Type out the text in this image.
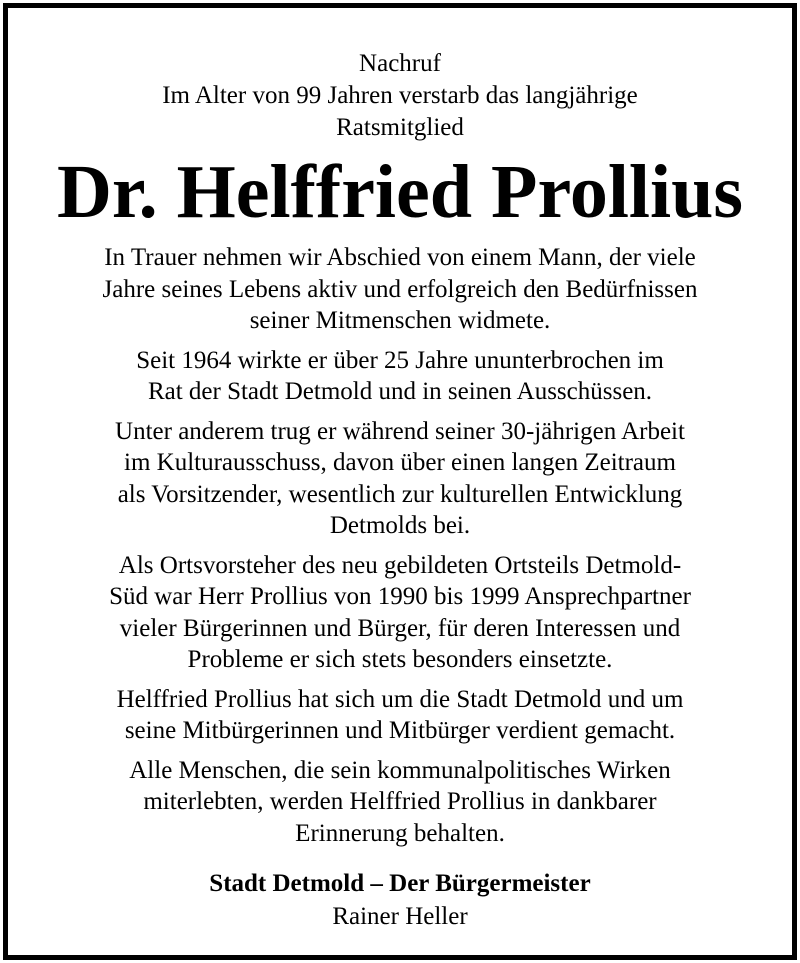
Nachruf

Im Alter von 99 Jahren verstarb das langjährige
Ratsmitglied

Dr. Helffried Prollius

In Trauer nehmen wir Abschied von einem Mann, der viele
Jahre seines Lebens aktiv und erfolgreich den Bedürfnissen
seiner Mitmenschen widmete.

Seit 1964 wirkte er über 25 Jahre ununterbrochen im
Rat der Stadt Detmold und in seinen Ausschüssen.

Unter anderem trug er während seiner 30-jährigen Arbeit
im Kulturausschuss, davon über einen langen Zeitraum
als Vorsitzender, wesentlich zur kulturellen Entwicklung
Detmolds bei.

Als Ortsvorsteher des neu gebildeten Ortsteils Detmold-
Süd war Herr Prollius von 1990 bis 1999 Ansprechpartner
vieler Bürgerinnen und Bürger, für deren Interessen und
Probleme er sich stets besonders einsetzte.

Helffried Prollius hat sich um die Stadt Detmold und um
seine Mitbürgerinnen und Mitbürger verdient gemacht.

Alle Menschen, die sein kommunalpolitisches Wirken
miterlebten, werden Helffried Prollius in dankbarer
Erinnerung behalten.

Stadt Detmold – Der Bürgermeister

Rainer Heller
